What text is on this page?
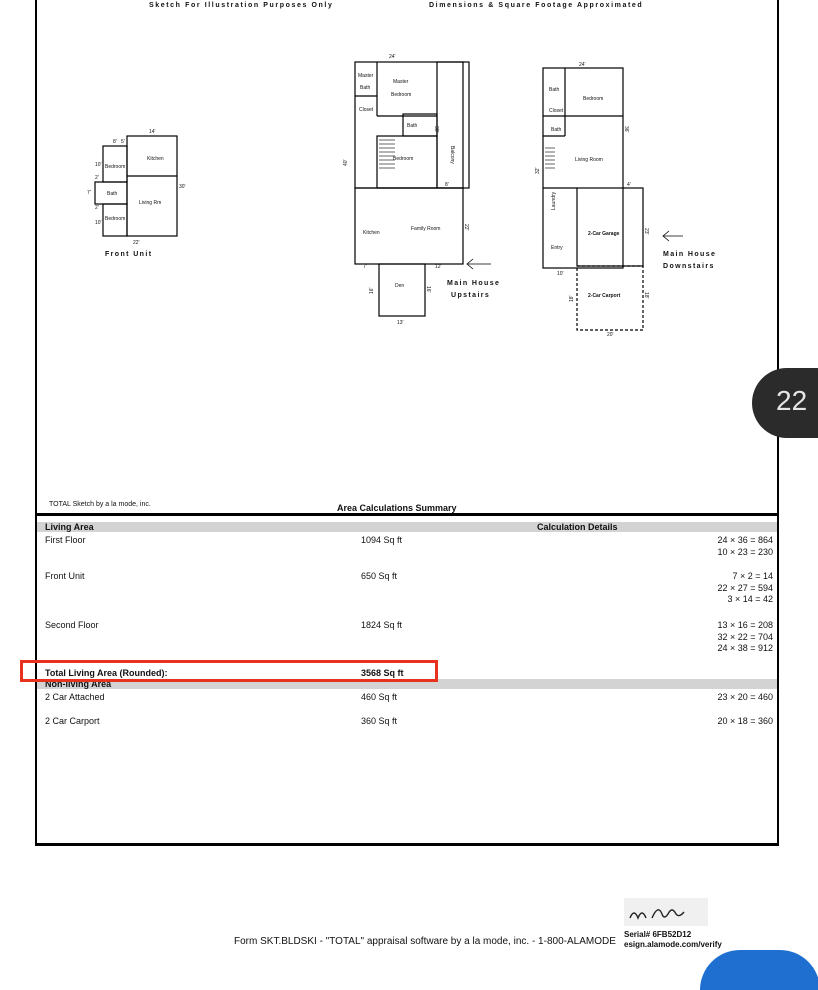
Sketch For Illustration Purposes Only	Dimensions & Square Footage Approximated
Kitchen
Bedroom
Bath
Living Rm
Bedroom
14'
8' 5'
10'
7'
2'
30'
2'
10'
22'
Front Unit
Master
Bath
Master
Bedroom
Closet
Bath
Balcony
Bedroom
Kitchen
Family Room
Den
24'
40'
38'
8'
22'
7'	12'
16'	16'
13'
Main House
Upstairs
Bath
Bedroom
Closet
Bath
Living Room
Laundry
2-Car Garage
Entry
2-Car Carport
24'
36'
32'
4'
23'
10'
18'
18'
20'
Main House
Downstairs
TOTAL Sketch by a la mode, inc.	Area Calculations Summary
Living Area	Calculation Details
First Floor	1094 Sq ft	24 × 36 = 864
10 × 23 = 230
Front Unit	650 Sq ft	7 × 2 = 14
22 × 27 = 594
3 × 14 = 42
Second Floor	1824 Sq ft	13 × 16 = 208
32 × 22 = 704
24 × 38 = 912
Total Living Area (Rounded):	3568 Sq ft
Non-living Area
2 Car Attached	460 Sq ft	23 × 20 = 460
2 Car Carport	360 Sq ft	20 × 18 = 360
22
Form SKT.BLDSKI - "TOTAL" appraisal software by a la mode, inc. - 1-800-ALAMODE
Serial# 6FB52D12
esign.alamode.com/verify
